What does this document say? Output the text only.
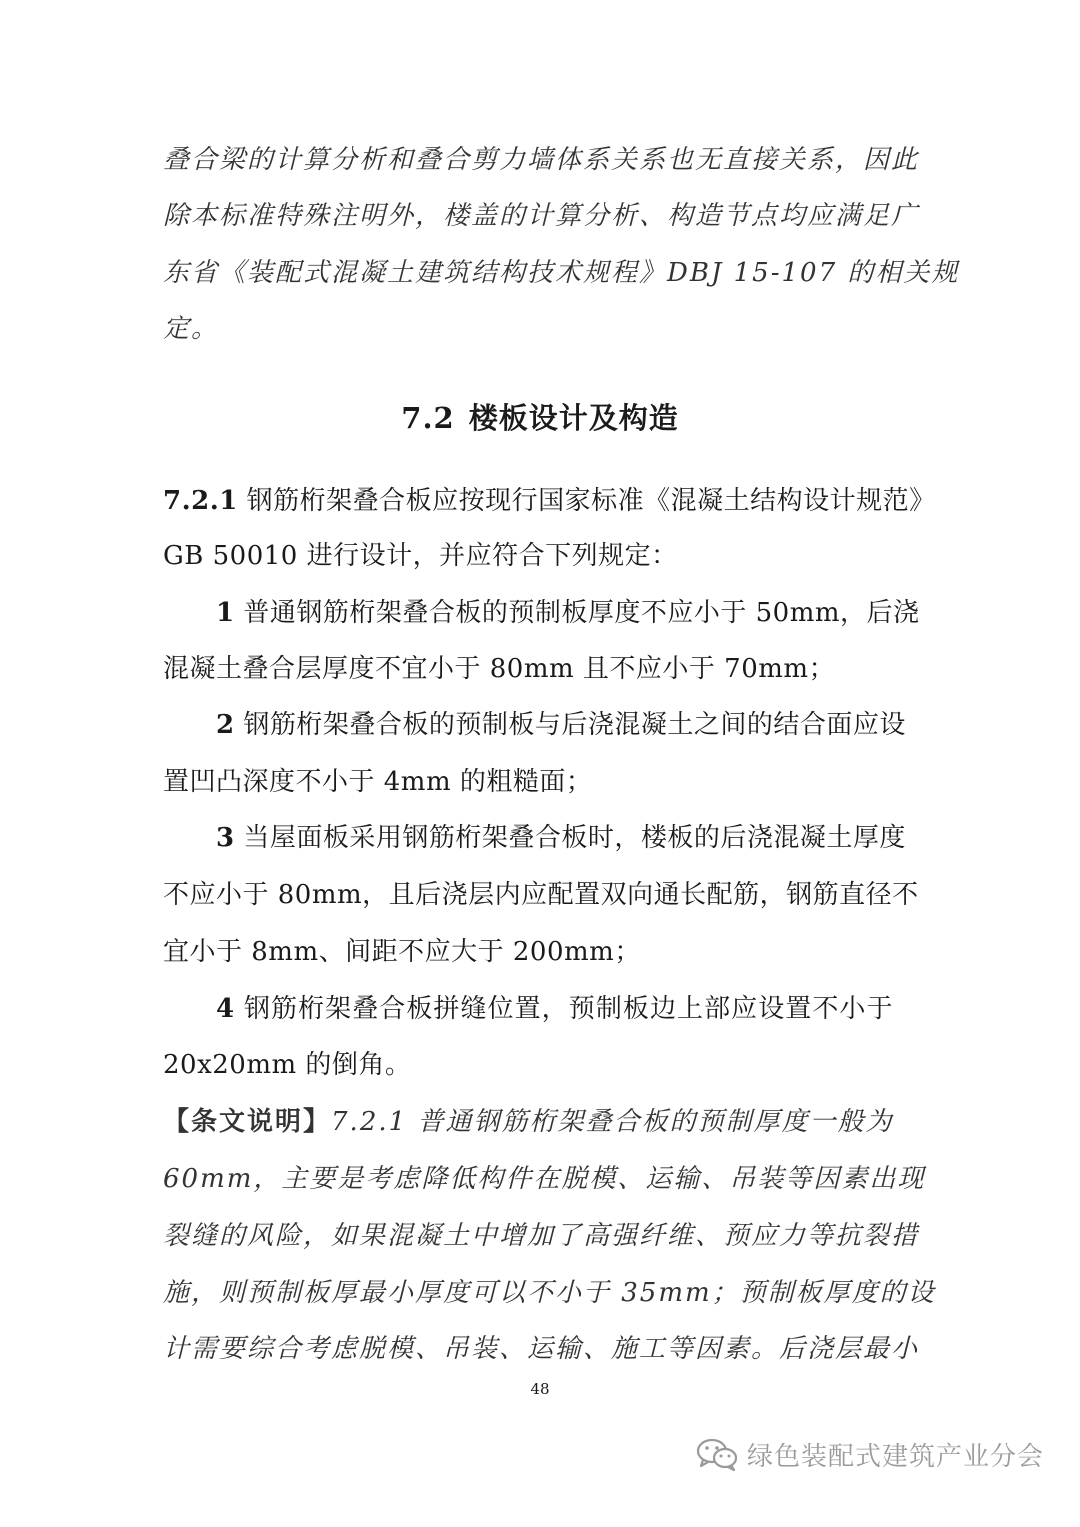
叠合梁的计算分析和叠合剪力墙体系关系也无直接关系，因此
除本标准特殊注明外，楼盖的计算分析、构造节点均应满足广
东省《装配式混凝土建筑结构技术规程》DBJ 15-107 的相关规
定。
7.2 楼板设计及构造
7.2.1 钢筋桁架叠合板应按现行国家标准《混凝土结构设计规范》
GB 50010 进行设计，并应符合下列规定：
1 普通钢筋桁架叠合板的预制板厚度不应小于 50mm，后浇
混凝土叠合层厚度不宜小于 80mm 且不应小于 70mm；
2 钢筋桁架叠合板的预制板与后浇混凝土之间的结合面应设
置凹凸深度不小于 4mm 的粗糙面；
3 当屋面板采用钢筋桁架叠合板时，楼板的后浇混凝土厚度
不应小于 80mm，且后浇层内应配置双向通长配筋，钢筋直径不
宜小于 8mm、间距不应大于 200mm；
4 钢筋桁架叠合板拼缝位置，预制板边上部应设置不小于
20x20mm 的倒角。
【条文说明】7.2.1 普通钢筋桁架叠合板的预制厚度一般为
60mm，主要是考虑降低构件在脱模、运输、吊装等因素出现
裂缝的风险，如果混凝土中增加了高强纤维、预应力等抗裂措
施，则预制板厚最小厚度可以不小于 35mm；预制板厚度的设
计需要综合考虑脱模、吊装、运输、施工等因素。后浇层最小
48
绿色装配式建筑产业分会
